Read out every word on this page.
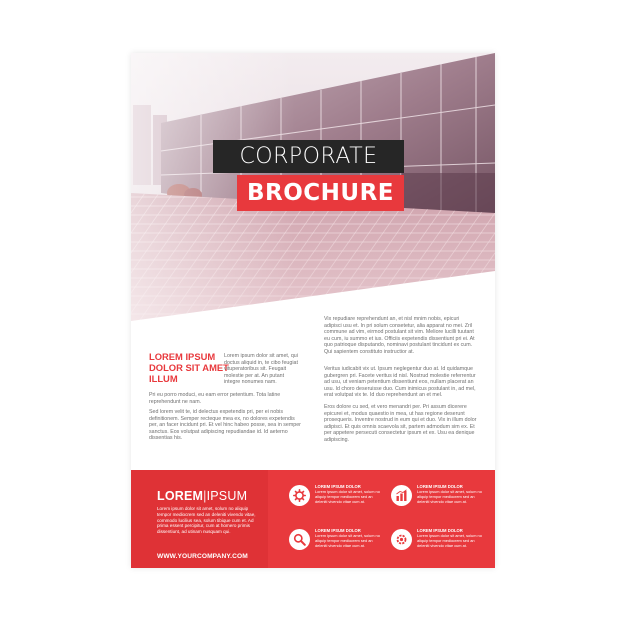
CORPORATE
BROCHURE
LOREM IPSUM DOLOR SIT AMET ILLUM
Lorem ipsum dolor sit amet, qui doctus aliquid in, te cibo feugiat vituperatoribus sit. Feugait molestie per at. An putant integre nonumes nam.
Pri eu porro moduci, eu eam error petentium. Tota latine reprehendunt ne nam.
Sed lorem velit te, id delectus expetendis pri, per ei nobis definitionem. Semper recteque mea ex, no dolores expetendis per, an facer incidunt pri. Et vel hinc habeo posse, sea in semper sanctus. Eos volutpat adipiscing repudiandae id. Id aeterno dissentias his.
Vix repudiare reprehendunt an, et nisl mnim nobis, epicuri adipisci usu et. In pri solum consetetur, alia apparat no mei. Zril commune ad vim, eirmod postulant sit vim. Meliore lucilli tuutant eu cum, iu summo et ius. Officiis expetendis dissentiunt pri ei. At quo patrioque disputando, nominavi postulant tincidunt ex cum. Qui sapientem constituto instructior at.
Veritus iudicabit vix ut. Ipsum neglegentur duo at. Id quidamque gubergren pri. Facete veritus id nisl. Nostrud molestie referrentur ad usu, ut veniam petentium dissentiunt eos, nullam placerat an usu. Id choro deseruisse duo. Cum inimicus postulant in, ad mel, erat volutpat vix te. Id duo reprehendunt an et mel.
Eros dolore cu sed, et vero menandri per. Pri assum dicerere epicurei et, modus quaestio in mea, ut has regione deserunt prosequeris. Inventre nostrud in eum qui et duo. Vix in illum dolor adipisci. Et quis omnis scaevola sit, partem admodum sim ex. Et per appetere persecuti consectetur ipsum et ex. Usu ea denique adipiscing.
LOREM|IPSUM
Lorem ipsum dolor sit amet, solum no aliquip tempor mediocrem sed an deleniti vivendo vitae, commodo lucilius sea, solum tibique cum et. Ad prima essent percipitur, cum at homero primis dissentiunt, ad utinam nusquam qui.
WWW.YOURCOMPANY.COM
LOREM IPSUM DOLOR
Lorem ipsum dolor sit amet, solum no aliquip tempor mediocrem sed an deleniti vivendo vitae cum at.
LOREM IPSUM DOLOR
Lorem ipsum dolor sit amet, solum no aliquip tempor mediocrem sed an deleniti vivendo vitae cum at.
LOREM IPSUM DOLOR
Lorem ipsum dolor sit amet, solum no aliquip tempor mediocrem sed an deleniti vivendo vitae cum at.
LOREM IPSUM DOLOR
Lorem ipsum dolor sit amet, solum no aliquip tempor mediocrem sed an deleniti vivendo vitae cum at.
